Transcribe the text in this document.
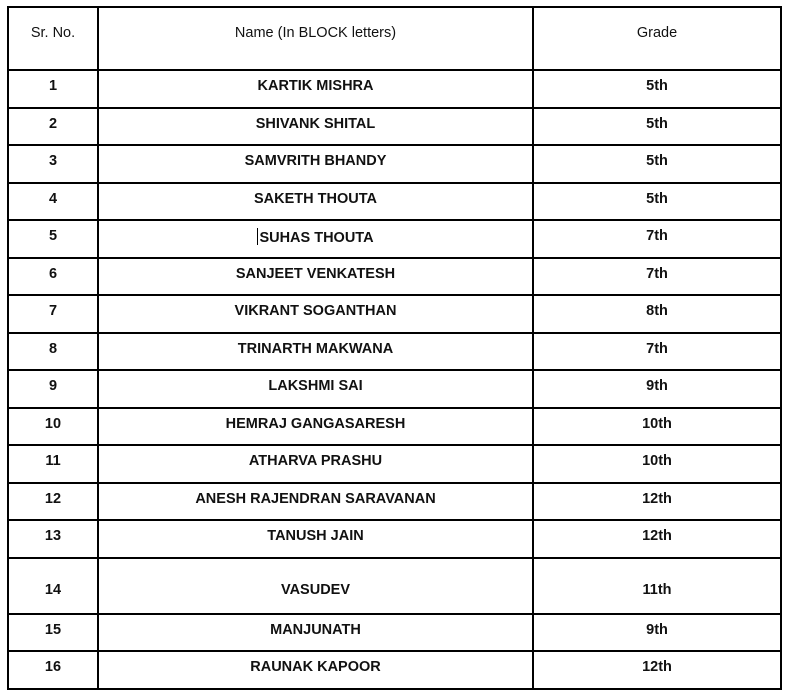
Sr. No.	Name (In BLOCK letters)	Grade
1	KARTIK MISHRA	5th
2	SHIVANK SHITAL	5th
3	SAMVRITH BHANDY	5th
4	SAKETH THOUTA	5th
5	SUHAS THOUTA	7th
6	SANJEET VENKATESH	7th
7	VIKRANT SOGANTHAN	8th
8	TRINARTH MAKWANA	7th
9	LAKSHMI SAI	9th
10	HEMRAJ GANGASARESH	10th
11	ATHARVA PRASHU	10th
12	ANESH RAJENDRAN SARAVANAN	12th
13	TANUSH JAIN	12th
14	VASUDEV	11th
15	MANJUNATH	9th
16	RAUNAK KAPOOR	12th
